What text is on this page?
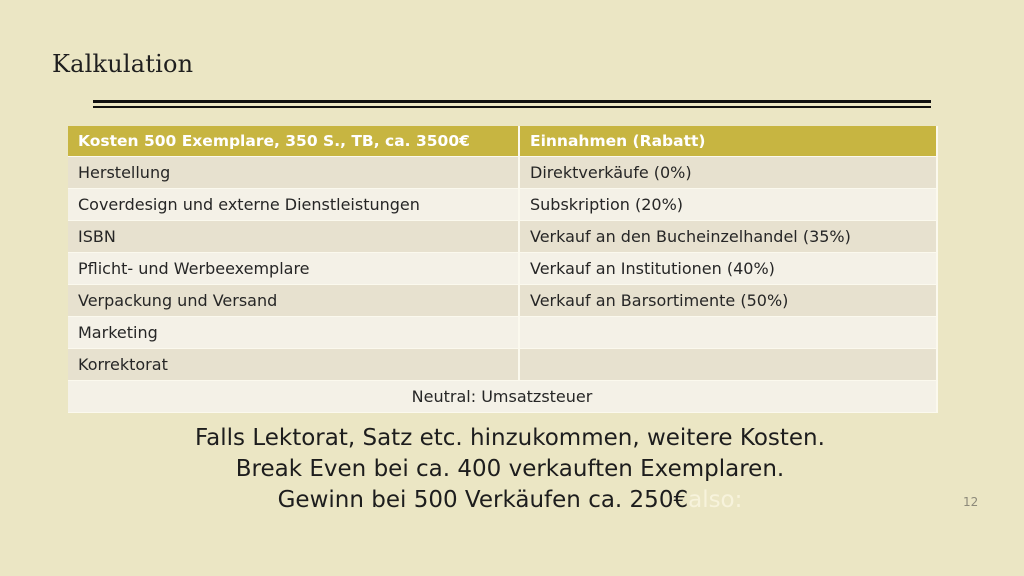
Kalkulation
Kosten 500 Exemplare, 350 S., TB, ca. 3500€	Einnahmen (Rabatt)
Herstellung	Direktverkäufe (0%)
Coverdesign und externe Dienstleistungen	Subskription (20%)
ISBN	Verkauf an den Bucheinzelhandel (35%)
Pflicht- und Werbeexemplare	Verkauf an Institutionen (40%)
Verpackung und Versand	Verkauf an Barsortimente (50%)
Marketing	
Korrektorat	
Neutral: Umsatzsteuer	
Falls Lektorat, Satz etc. hinzukommen, weitere Kosten.
Break Even bei ca. 400 verkauften Exemplaren.
Gewinn bei 500 Verkäufen ca. 250€also:	12
